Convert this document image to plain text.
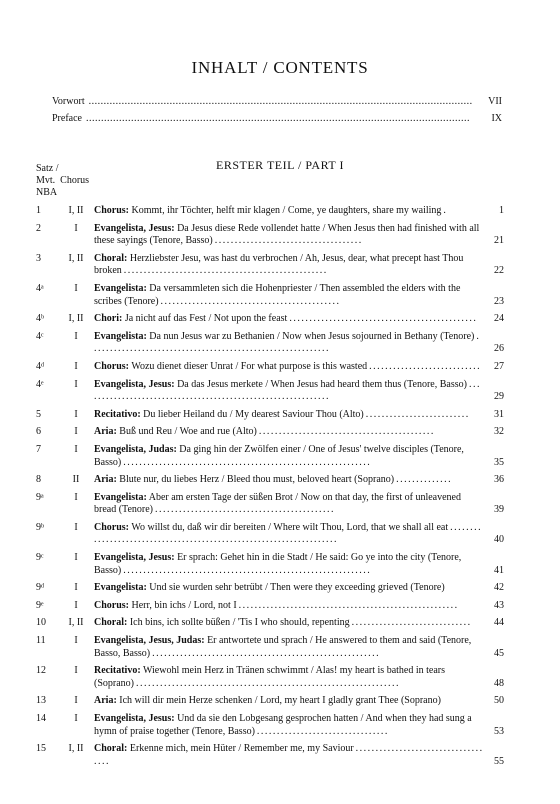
INHALT / CONTENTS
Vorwort . . .	VII
Preface . . .	IX
ERSTER TEIL / PART I
Satz /
Mvt.  Chorus
NBA
1	I, II	Chorus: Kommt, ihr Töchter, helft mir klagen / Come, ye daughters, share my wailing .	1
2	I	Evangelista, Jesus: Da Jesus diese Rede vollendet hatte / When Jesus then had finished with all these sayings (Tenore, Basso) . . . . . . . . . . . . . . . . . . . . . . . . . . . . . . . . . . . . .	21
3	I, II	Choral: Herzliebster Jesu, was hast du verbrochen / Ah, Jesus, dear, what precept hast Thou broken . . . . . . . . . . . . . . . . . . . . . . . . . . . . . . . . . . . . . . . . . . . . . . . . . . .	22
4ᵃ	I	Evangelista: Da versammleten sich die Hohenpriester / Then assembled the elders with the scribes (Tenore) . . . . . . . . . . . . . . . . . . . . . . . . . . . . . . . . . . . . . . . . . . . . .	23
4ᵇ	I, II	Chori: Ja nicht auf das Fest / Not upon the feast . . . . . . . . . . . . . . . . . . . . . . . . . . . . . . . . . . . . . . . . . . . . . . .	24
4ᶜ	I	Evangelista: Da nun Jesus war zu Bethanien / Now when Jesus sojourned in Bethany (Tenore) . . . . . . . . . . . . . . . . . . . . . . . . . . . . . . . . . . . . . . . . . . . . . . . . . . . . . . . . . . . .	26
4ᵈ	I	Chorus: Wozu dienet dieser Unrat / For what purpose is this wasted . . . . . . . . . . . . . . . . . . . . . . . . . . . . 27
4ᵉ	I	Evangelista, Jesus: Da das Jesus merkete / When Jesus had heard them thus (Tenore, Basso) . . . . . . . . . . . . . . . . . . . . . . . . . . . . . . . . . . . . . . . . . . . . . . . . . . . . . . . . . . . . . .	29
5	I	Recitativo: Du lieber Heiland du / My dearest Saviour Thou (Alto) . . . . . . . . . . . . . . . . . . . . . . . . . .	31
6	I	Aria: Buß und Reu / Woe and rue (Alto) . . . . . . . . . . . . . . . . . . . . . . . . . . . . . . . . . . . . . . . . . . . .	32
7	I	Evangelista, Judas: Da ging hin der Zwölfen einer / One of Jesus' twelve disciples (Tenore, Basso) . . . . . . . . . . . . . . . . . . . . . . . . . . . . . . . . . . . . . . . . . . . . . . . . . . . . . . . . . . . . . .	35
8	II	Aria: Blute nur, du liebes Herz / Bleed thou must, beloved heart (Soprano) . . . . . . . . . . . . . .	36
9ᵃ	I	Evangelista: Aber am ersten Tage der süßen Brot / Now on that day, the first of unleavened bread (Tenore) . . . . . . . . . . . . . . . . . . . . . . . . . . . . . . . . . . . . . . . . . . . . .	39
9ᵇ	I	Chorus: Wo willst du, daß wir dir bereiten / Where wilt Thou, Lord, that we shall all eat . . . . . . . . . . . . . . . . . . . . . . . . . . . . . . . . . . . . . . . . . . . . . . . . . . . . . . . . . . . . . . . . . . . . .	40
9ᶜ	I	Evangelista, Jesus: Er sprach: Gehet hin in die Stadt / He said: Go ye into the city (Tenore, Basso) . . . . . . . . . . . . . . . . . . . . . . . . . . . . . . . . . . . . . . . . . . . . . . . . . . . . . . . . . . . . . .	41
9ᵈ	I	Evangelista: Und sie wurden sehr betrübt / Then were they exceeding grieved (Tenore)	42
9ᵉ	I	Chorus: Herr, bin ichs / Lord, not I . . . . . . . . . . . . . . . . . . . . . . . . . . . . . . . . . . . . . . . . . . . . . . . . . . . . . . .	43
10	I, II	Choral: Ich bins, ich sollte büßen / 'Tis I who should, repenting . . . . . . . . . . . . . . . . . . . . . . . . . . . . . .	44
11	I	Evangelista, Jesus, Judas: Er antwortete und sprach / He answered to them and said (Tenore, Basso, Basso) . . . . . . . . . . . . . . . . . . . . . . . . . . . . . . . . . . . . . . . . . . . . . . . . . . . . . . . . .	45
12	I	Recitativo: Wiewohl mein Herz in Tränen schwimmt / Alas! my heart is bathed in tears (Soprano) . . . . . . . . . . . . . . . . . . . . . . . . . . . . . . . . . . . . . . . . . . . . . . . . . . . . . . . . . . . . . . . . . .	48
13	I	Aria: Ich will dir mein Herze schenken / Lord, my heart I gladly grant Thee (Soprano)	50
14	I	Evangelista, Jesus: Und da sie den Lobgesang gesprochen hatten / And when they had sung a hymn of praise together (Tenore, Basso) . . . . . . . . . . . . . . . . . . . . . . . . . . . . . . . . .	53
15	I, II	Choral: Erkenne mich, mein Hüter / Remember me, my Saviour . . . . . . . . . . . . . . . . . . . . . . . . . . . . . . . . . . . .	55
